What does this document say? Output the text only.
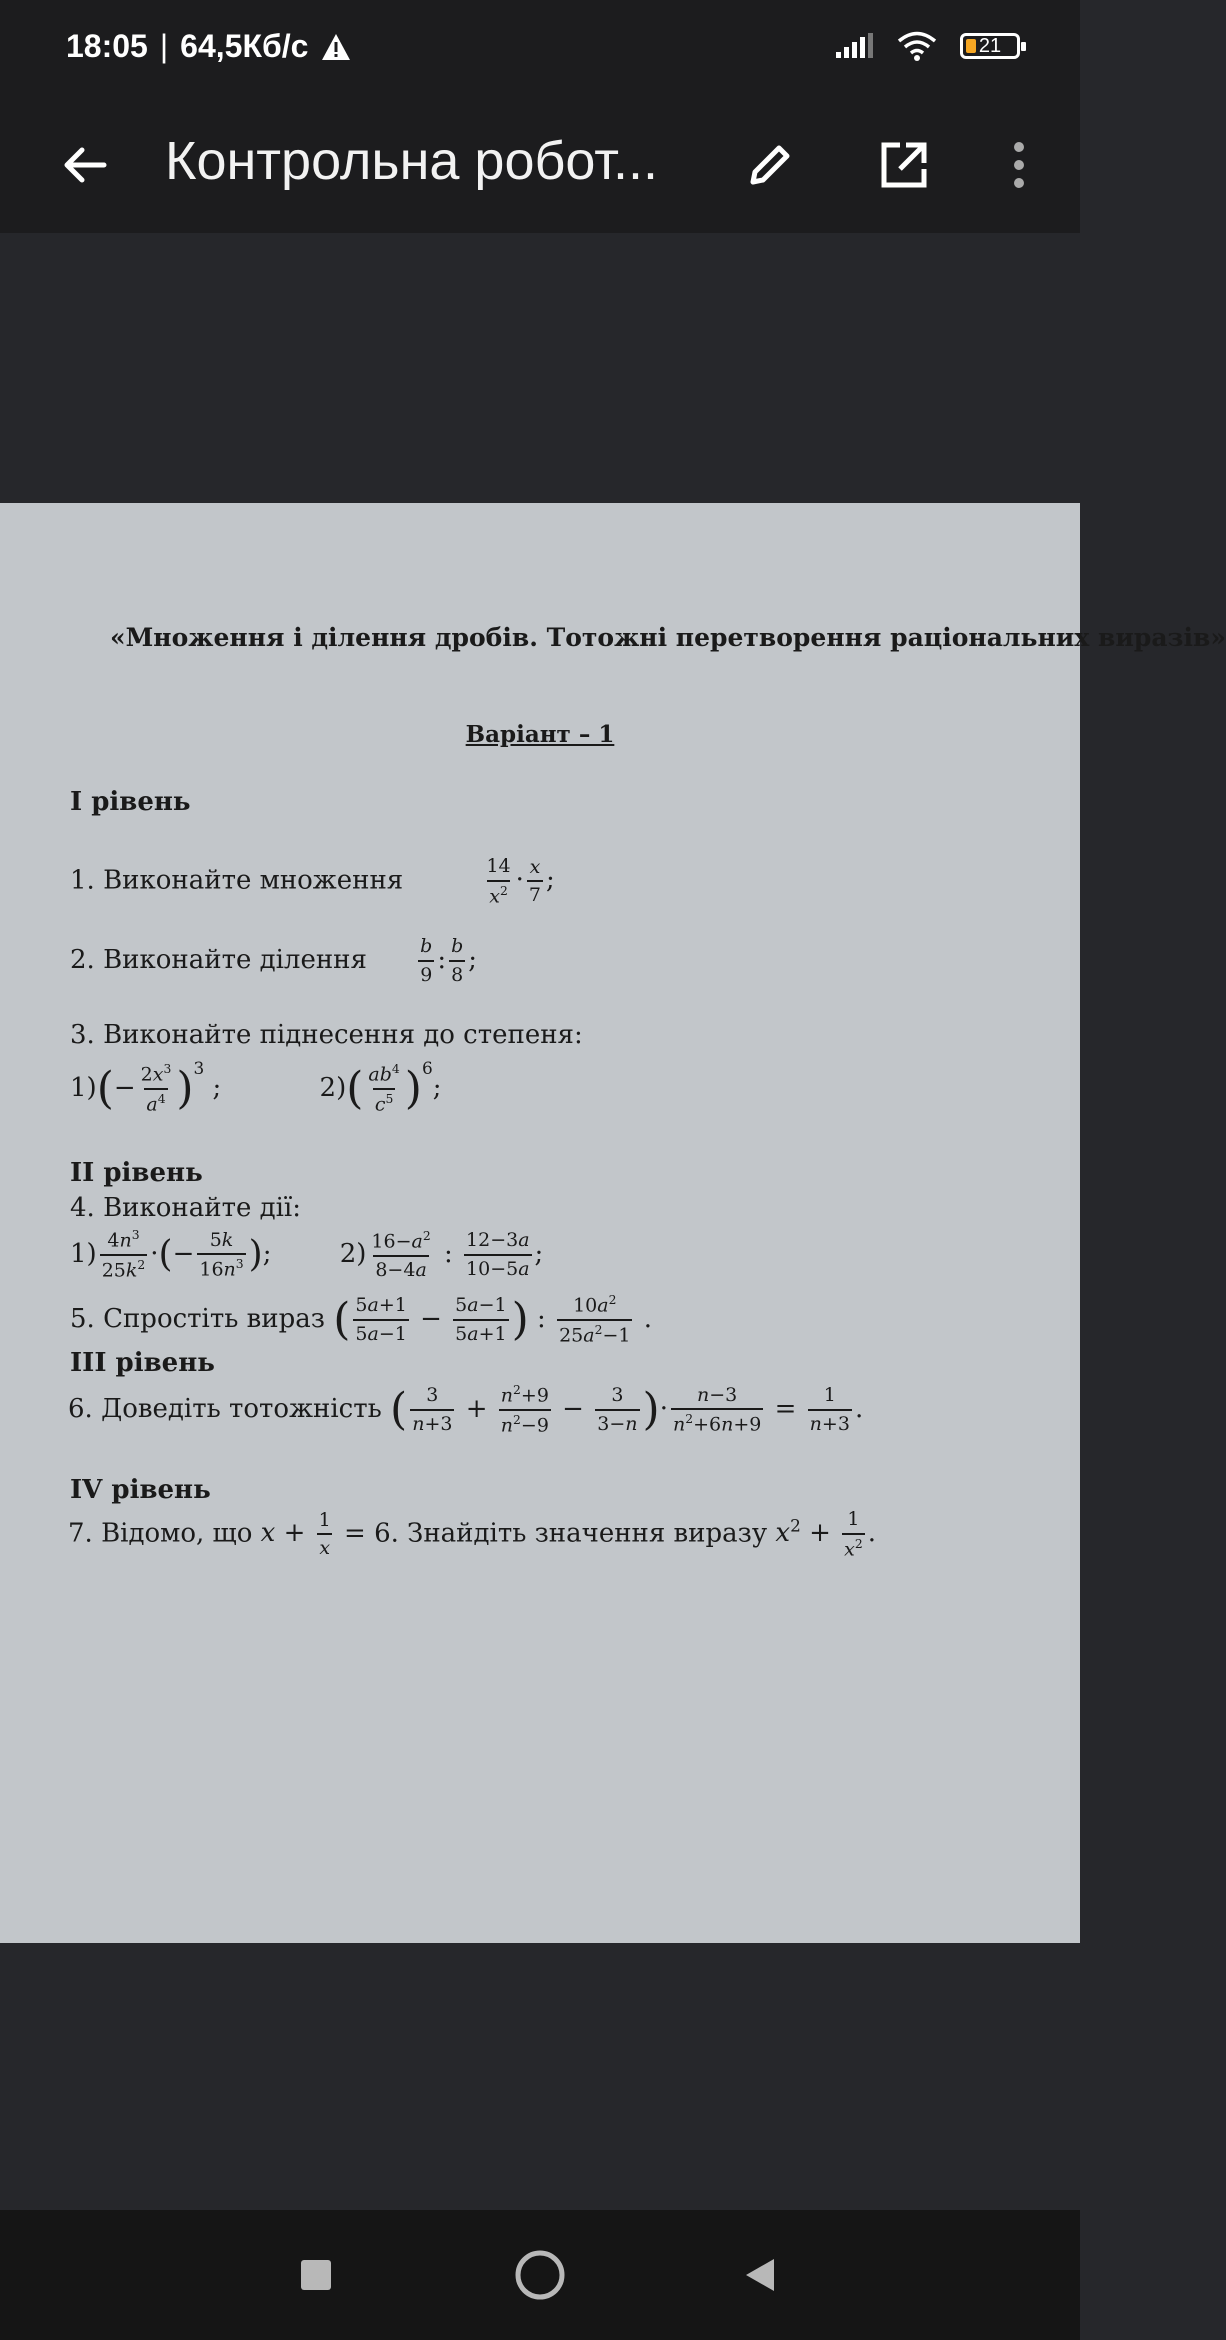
18:05 | 64,5Кб/с	21
Контрольна робот...
«Множення і ділення дробів. Тотожні перетворення раціональних виразів»
Варіант – 1
І рівень
1. Виконайте множення	$\frac{14}{x^2} \cdot \frac{x}{7}$ ;
2. Виконайте ділення	$\frac{b}{9}$ : $\frac{b}{8}$ ;
3. Виконайте піднесення до степеня:
$1)(- \frac{2x^3}{a^4} )^3$ ;	$2)( \frac{ab^4}{c^5} )^6$;
ІІ рівень
4. Виконайте дії:
$1) \frac{4n^3}{25k^2}$ ·(− $\frac{5k}{16n^3}$ ); $2) \frac{16-a^2}{8-4a}$ : $\frac{12-3a}{10-5a}$ ;
5. Спростіть вираз ( $\frac{5a+1}{5a-1} - \frac{5a-1}{5a+1}$ ) : $\frac{10a^2}{25a^2-1}$ .
ІІІ рівень
6. Доведіть тотожність ( $\frac{3}{n+3} + \frac{n^2+9}{n^2-9} - \frac{3}{3-n}$ )· $\frac{n-3}{n^2+6n+9} = \frac{1}{n+3}$ .
IV рівень
7. Відомо, що $x + \frac{1}{x} = 6$. Знайдіть значення виразу $x^2 + \frac{1}{x^2}$ .
